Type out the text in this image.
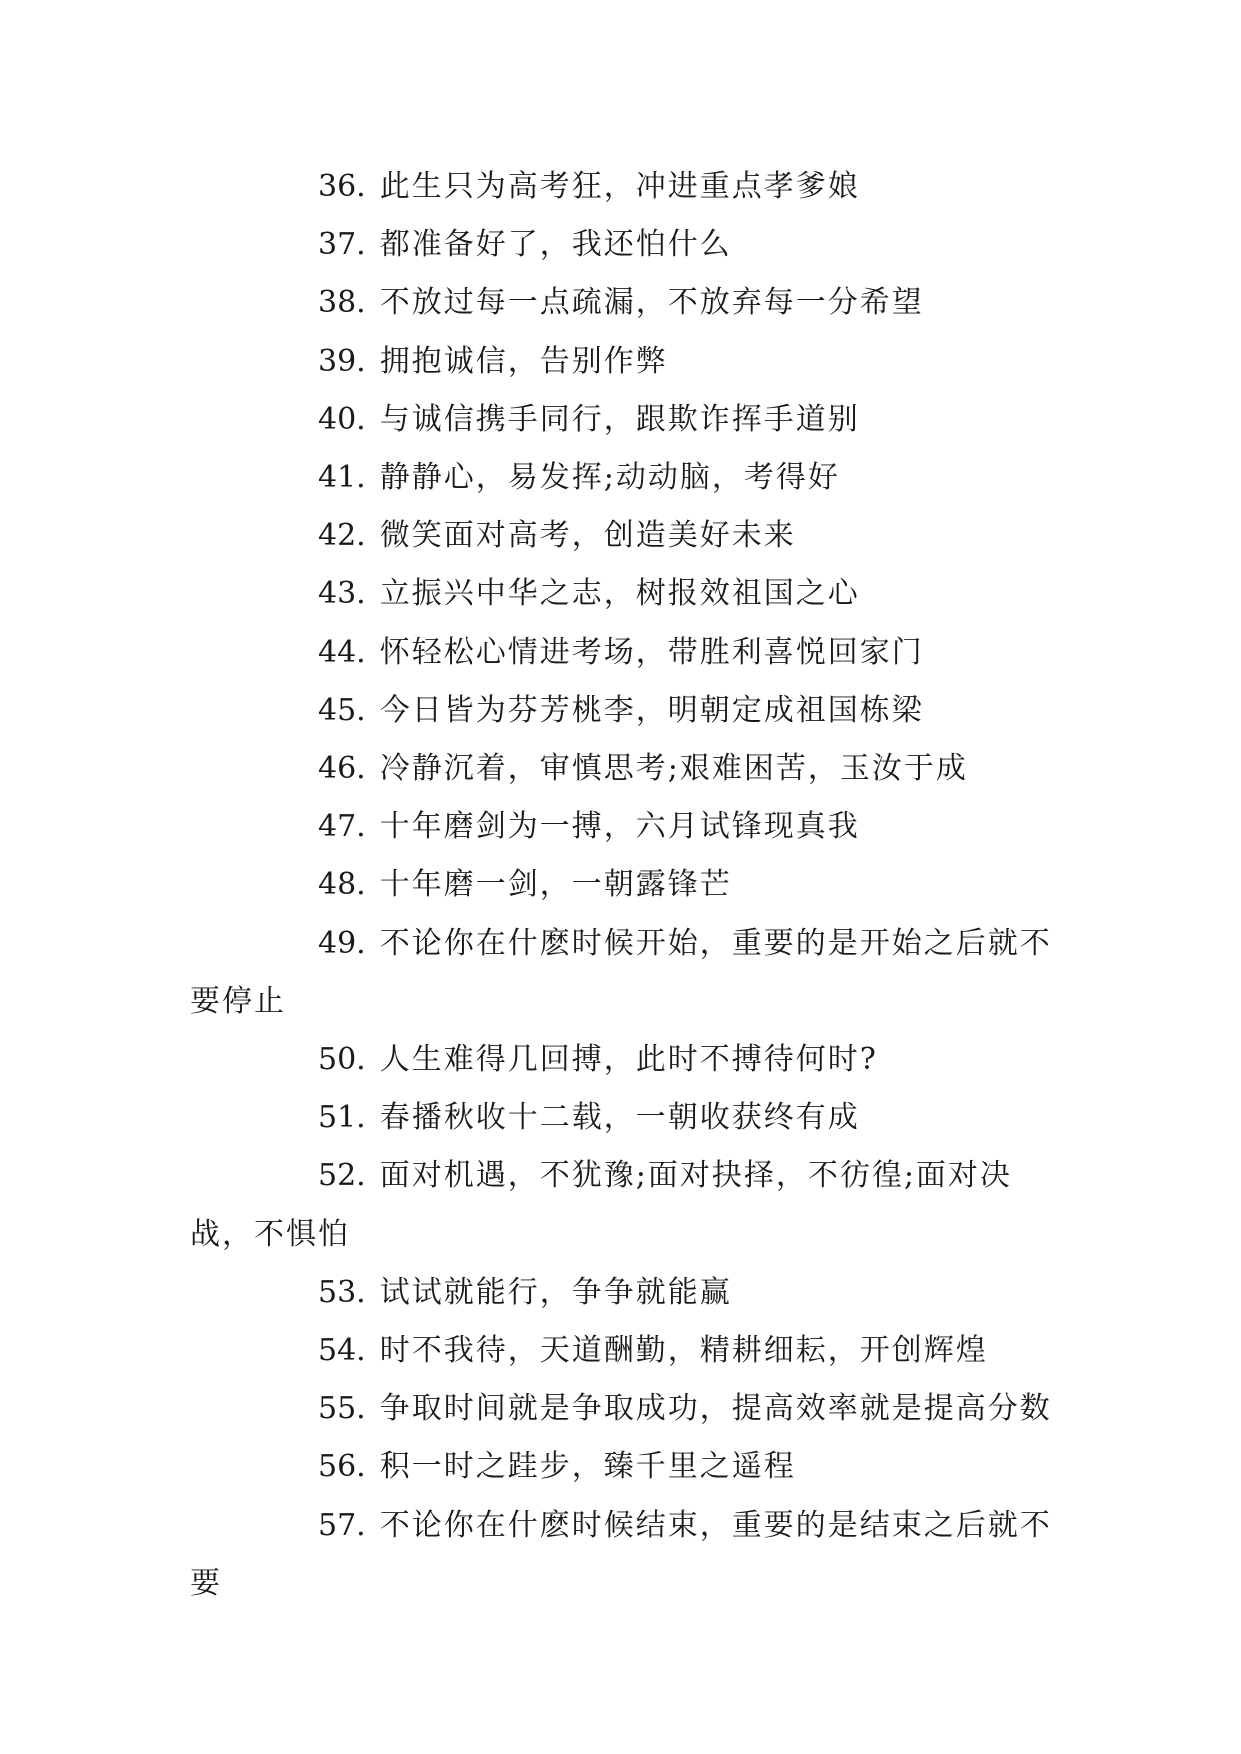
36. 此生只为高考狂，冲进重点孝爹娘

37. 都准备好了，我还怕什么

38. 不放过每一点疏漏，不放弃每一分希望

39. 拥抱诚信，告别作弊

40. 与诚信携手同行，跟欺诈挥手道别

41. 静静心，易发挥;动动脑，考得好

42. 微笑面对高考，创造美好未来

43. 立振兴中华之志，树报效祖国之心

44. 怀轻松心情进考场，带胜利喜悦回家门

45. 今日皆为芬芳桃李，明朝定成祖国栋梁

46. 冷静沉着，审慎思考;艰难困苦，玉汝于成

47. 十年磨剑为一搏，六月试锋现真我

48. 十年磨一剑，一朝露锋芒

49. 不论你在什麽时候开始，重要的是开始之后就不要停止

50. 人生难得几回搏，此时不搏待何时?

51. 春播秋收十二载，一朝收获终有成

52. 面对机遇，不犹豫;面对抉择，不彷徨;面对决战，不惧怕

53. 试试就能行，争争就能赢

54. 时不我待，天道酬勤，精耕细耘，开创辉煌

55. 争取时间就是争取成功，提高效率就是提高分数

56. 积一时之跬步，臻千里之遥程

57. 不论你在什麽时候结束，重要的是结束之后就不要
